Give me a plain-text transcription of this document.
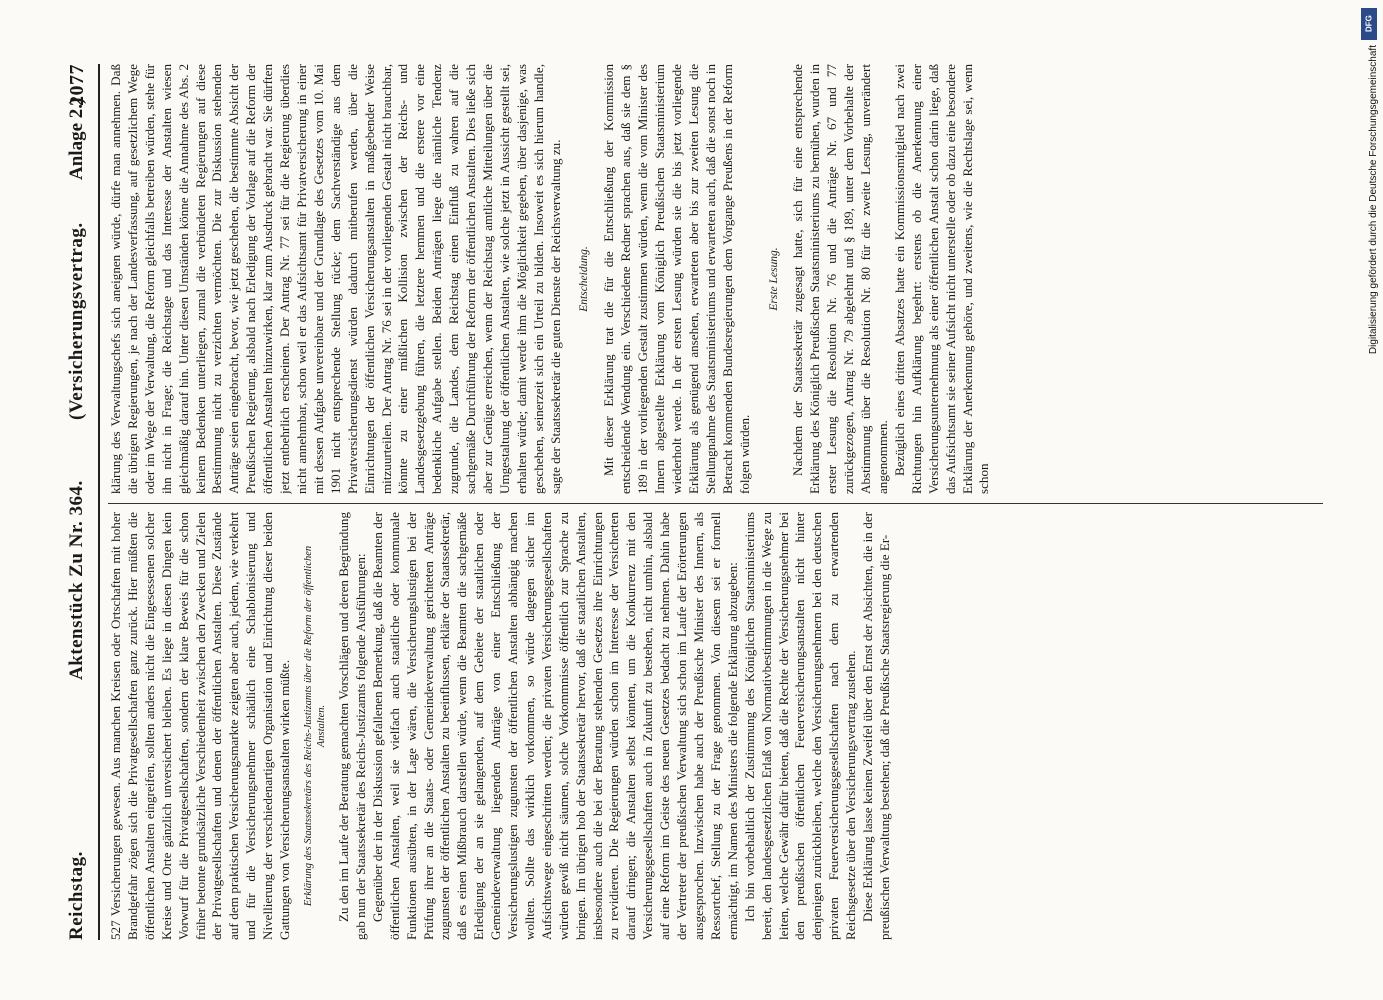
Reichstag.
Aktenstück Zu Nr. 364.
(Versicherungsvertrag.
Anlage 2.)
2077

527 Versicherungen gewesen. Aus manchen Kreisen oder Ortschaften mit hoher Brandgefahr zögen sich die Privatgesellschaften ganz zurück. Hier müßten die öffentlichen Anstalten eingreifen, sollten anders nicht die Eingesessenen solcher Kreise und Orte gänzlich unversichert bleiben. Es liege in diesen Dingen kein Vorwurf für die Privatgesellschaften, sondern der klare Beweis für die schon früher betonte grundsätzliche Verschiedenheit zwischen den Zwecken und Zielen der Privatgesellschaften und denen der öffentlichen Anstalten. Diese Zustände auf dem praktischen Versicherungsmarkte zeigten aber auch, jedem, wie verkehrt und für die Versicherungsnehmer schädlich eine Schablonisierung und Nivellierung der verschiedenartigen Organisation und Einrichtung dieser beiden Gattungen von Versicherungsanstalten wirken müßte. Erklärung des Staatssekretärs des Reichs-Justizamts über die Reform der öffentlichen Anstalten. Zu den im Laufe der Beratung gemachten Vorschlägen und deren Begründung gab nun der Staatssekretär des Reichs-Justizamts folgende Ausführungen: Gegenüber der in der Diskussion gefallenen Bemerkung, daß die Beamten der öffentlichen Anstalten, weil sie vielfach auch staatliche oder kommunale Funktionen ausübten, in der Lage wären, die Versicherungslustigen bei der Prüfung ihrer an die Staats- oder Gemeindeverwaltung gerichteten Anträge zugunsten der öffentlichen Anstalten zu beeinflussen, erkläre der Staatssekretär, daß es einen Mißbrauch darstellen würde, wenn die Beamten die sachgemäße Erledigung der an sie gelangenden, auf dem Gebiete der staatlichen oder Gemeindeverwaltung liegenden Anträge von einer Entschließung der Versicherungslustigen zugunsten der öffentlichen Anstalten abhängig machen wollten. Sollte das wirklich vorkommen, so würde dagegen sicher im Aufsichtswege eingeschritten werden; die privaten Versicherungsgesellschaften würden gewiß nicht säumen, solche Vorkommnisse öffentlich zur Sprache zu bringen. Im übrigen hob der Staatssekretär hervor, daß die staatlichen Anstalten, insbesondere auch die bei der Beratung stehenden Gesetzes ihre Einrichtungen zu revidieren. Die Regierungen würden schon im Interesse der Versicherten darauf dringen; die Anstalten selbst könnten, um die Konkurrenz mit den Versicherungsgesellschaften auch in Zukunft zu bestehen, nicht umhin, alsbald auf eine Reform im Geiste des neuen Gesetzes bedacht zu nehmen. Dahin habe der Vertreter der preußischen Verwaltung sich schon im Laufe der Erörterungen ausgesprochen. Inzwischen habe auch der Preußische Minister des Innern, als Ressortchef, Stellung zu der Frage genommen. Von diesem sei er formell ermächtigt, im Namen des Ministers die folgende Erklärung abzugeben: Ich bin vorbehaltlich der Zustimmung des Königlichen Staatsministeriums bereit, den landesgesetzlichen Erlaß von Normativbestimmungen in die Wege zu leiten, welche Gewähr dafür bieten, daß die Rechte der Versicherungsnehmer bei den preußischen öffentlichen Feuerversicherungsanstalten nicht hinter denjenigen zurückbleiben, welche den Versicherungsnehmern bei den deutschen privaten Feuerversicherungsgesellschaften nach dem zu erwartenden Reichsgesetze über den Versicherungsvertrag zustehen. Diese Erklärung lasse keinen Zweifel über den Ernst der Absichten, die in der preußischen Verwaltung bestehen; daß die Preußische Staatsregierung die Er-

klärung des Verwaltungschefs sich aneignen würde, dürfe man annehmen. Daß die übrigen Regierungen, je nach der Landesverfassung, auf gesetzlichem Wege oder im Wege der Verwaltung, die Reform gleichfalls betreiben würden, stehe für ihn nicht in Frage; die Reichstage und das Interesse der Anstalten wiesen gleichmäßig darauf hin. Unter diesen Umständen könne die Annahme des Abs. 2 keinem Bedenken unterliegen, zumal die verbündeten Regierungen auf diese Bestimmung nicht zu verzichten vermöchten. Die zur Diskussion stehenden Anträge seien eingebracht, bevor, wie jetzt geschehen, die bestimmte Absicht der Preußischen Regierung, alsbald nach Erledigung der Vorlage auf die Reform der öffentlichen Anstalten hinzuwirken, klar zum Ausdruck gebracht war. Sie dürften jetzt entbehrlich erscheinen. Der Antrag Nr. 77 sei für die Regierung überdies nicht annehmbar, schon weil er das Aufsichtsamt für Privatversicherung in einer mit dessen Aufgabe unvereinbare und der Grundlage des Gesetzes vom 10. Mai 1901 nicht entsprechende Stellung rücke; dem Sachverständige aus dem Privatversicherungsdienst würden dadurch mitberufen werden, über die Einrichtungen der öffentlichen Versicherungsanstalten in maßgebender Weise mitzuurteilen. Der Antrag Nr. 76 sei in der vorliegenden Gestalt nicht brauchbar, könnte zu einer mißlichen Kollision zwischen der Reichs- und Landesgesetzgebung führen, die letztere hemmen und die erstere vor eine bedenkliche Aufgabe stellen. Beiden Anträgen liege die nämliche Tendenz zugrunde, die Landes, dem Reichstag einen Einfluß zu wahren auf die sachgemäße Durchführung der Reform der öffentlichen Anstalten. Dies ließe sich aber zur Genüge erreichen, wenn der Reichstag amtliche Mitteilungen über die Umgestaltung der öffentlichen Anstalten, wie solche jetzt in Aussicht gestellt sei, erhalten würde; damit werde ihm die Möglichkeit gegeben, über dasjenige, was geschehen, seinerzeit sich ein Urteil zu bilden. Insoweit es sich hierum handle, sagte der Staatssekretär die guten Dienste der Reichsverwaltung zu. Entscheidung. Mit dieser Erklärung trat die für die Entschließung der Kommission entscheidende Wendung ein. Verschiedene Redner sprachen aus, daß sie dem § 189 in der vorliegenden Gestalt zustimmen würden, wenn die vom Minister des Innern abgestellte Erklärung vom Königlich Preußischen Staatsministerium wiederholt werde. In der ersten Lesung würden sie die bis jetzt vorliegende Erklärung als genügend ansehen, erwarteten aber bis zur zweiten Lesung die Stellungnahme des Staatsministeriums und erwarteten auch, daß die sonst noch in Betracht kommenden Bundesregierungen dem Vorgange Preußens in der Reform folgen würden.

Erste Lesung. Nachdem der Staatssekretär zugesagt hatte, sich für eine entsprechende Erklärung des Königlich Preußischen Staatsministeriums zu bemühen, wurden in erster Lesung die Resolution Nr. 76 und die Anträge Nr. 67 und 77 zurückgezogen, Antrag Nr. 79 abgelehnt und § 189, unter dem Vorbehalte der Abstimmung über die Resolution Nr. 80 für die zweite Lesung, unverändert angenommen. Bezüglich eines dritten Absatzes hatte ein Kommissionsmitglied nach zwei Richtungen hin Aufklärung begehrt: erstens ob die Anerkennung einer Versicherungsunternehmung als einer öffentlichen Anstalt schon darin liege, daß das Aufsichtsamt sie seiner Aufsicht nicht unterstelle oder ob dazu eine besondere Erklärung der Anerkennung gehöre, und zweitens, wie die Rechtslage sei, wenn schon

DFG
Digitalisierung gefördert durch die Deutsche Forschungsgemeinschaft
